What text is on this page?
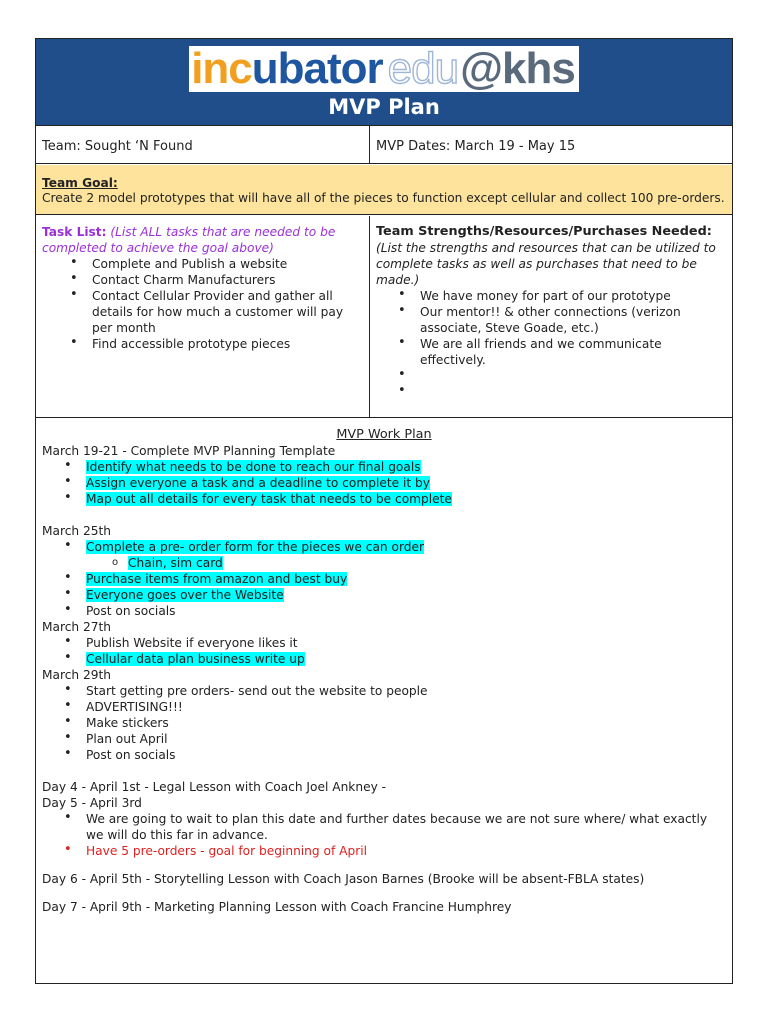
inc ubator edu @khs
MVP Plan
Team: Sought ‘N Found	MVP Dates: March 19 - May 15
Team Goal:
Create 2 model prototypes that will have all of the pieces to function except cellular and collect 100 pre-orders.
Task List: (List ALL tasks that are needed to be completed to achieve the goal above)
• Complete and Publish a website
• Contact Charm Manufacturers
• Contact Cellular Provider and gather all details for how much a customer will pay per month
• Find accessible prototype pieces
Team Strengths/Resources/Purchases Needed:
(List the strengths and resources that can be utilized to complete tasks as well as purchases that need to be made.)
• We have money for part of our prototype
• Our mentor!! & other connections (verizon associate, Steve Goade, etc.)
• We are all friends and we communicate effectively.
•
•
MVP Work Plan
March 19-21 - Complete MVP Planning Template
• Identify what needs to be done to reach our final goals
• Assign everyone a task and a deadline to complete it by
• Map out all details for every task that needs to be complete
March 25th
• Complete a pre- order form for the pieces we can order
o Chain, sim card
• Purchase items from amazon and best buy
• Everyone goes over the Website
• Post on socials
March 27th
• Publish Website if everyone likes it
• Cellular data plan business write up
March 29th
• Start getting pre orders- send out the website to people
• ADVERTISING!!!
• Make stickers
• Plan out April
• Post on socials
Day 4 - April 1st - Legal Lesson with Coach Joel Ankney -
Day 5 - April 3rd
• We are going to wait to plan this date and further dates because we are not sure where/ what exactly we will do this far in advance.
• Have 5 pre-orders - goal for beginning of April
Day 6 - April 5th - Storytelling Lesson with Coach Jason Barnes (Brooke will be absent-FBLA states)
Day 7 - April 9th - Marketing Planning Lesson with Coach Francine Humphrey
